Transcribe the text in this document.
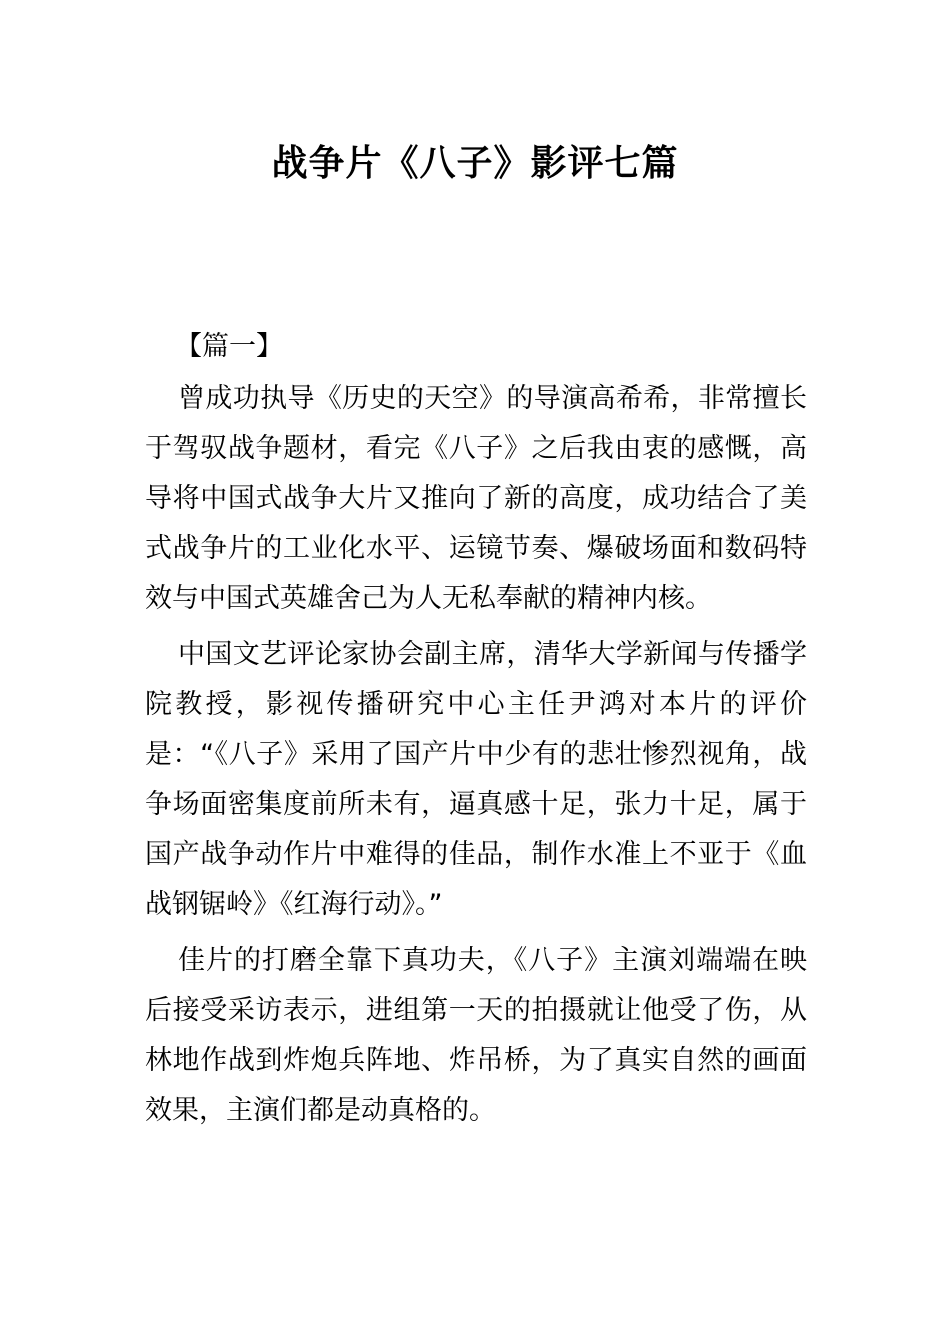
战争片《八子》影评七篇
【篇一】

曾成功执导《历史的天空》的导演高希希，非常擅长于驾驭战争题材，看完《八子》之后我由衷的感慨，高导将中国式战争大片又推向了新的高度，成功结合了美式战争片的工业化水平、运镜节奏、爆破场面和数码特效与中国式英雄舍己为人无私奉献的精神内核。

中国文艺评论家协会副主席，清华大学新闻与传播学院教授，影视传播研究中心主任尹鸿对本片的评价是：“《八子》采用了国产片中少有的悲壮惨烈视角，战争场面密集度前所未有，逼真感十足，张力十足，属于国产战争动作片中难得的佳品，制作水准上不亚于《血战钢锯岭》《红海行动》。”

佳片的打磨全靠下真功夫，《八子》主演刘端端在映后接受采访表示，进组第一天的拍摄就让他受了伤，从林地作战到炸炮兵阵地、炸吊桥，为了真实自然的画面效果，主演们都是动真格的。
